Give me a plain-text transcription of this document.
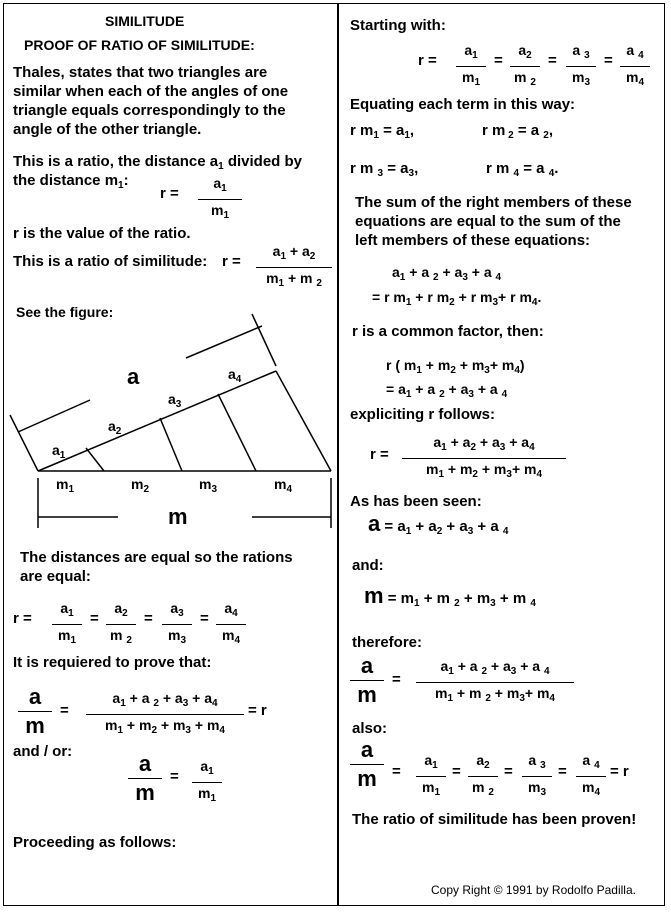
SIMILITUDE
PROOF OF RATIO OF SIMILITUDE:
Thales, states that two triangles are
similar when each of the angles of one
triangle equals correspondingly to the
angle of the other triangle.
This is a ratio, the distance $a_1$ divided by
the distance $m_1$:
r =
$a_1$
$m_1$
r is the value of the ratio.
This is a ratio of similitude: r =
$a_1 + a_2$
$m_1 + m$ $_2$
See the figure:
a
$a_1$
$a_2$
$a_3$
$a_4$
$m_1$	$m_2$	$m_3$	$m_4$
m
The distances are equal so the rations
are equal:
r =
$a_1$
$m_1$
=
$a_2$
m $_2$
=
$a_3$
$m_3$
=
$a_4$
$m_4$
It is requiered to prove that:
a
m
=
$a_1 + a$ $_2 + a_3 + a_4$
$m_1 + m_2 + m_3 + m_4$
= r
and / or:	a
m
=
$a_1$
$m_1$
Proceeding as follows:
Starting with:
r =
$a_1$
$m_1$
=
$a_2$
m $_2$
=
a $_3$
$m_3$
=
a $_4$
$m_4$
Equating each term in this way:
r $m_1 = a_1$,	r m $_2$ = a $_2$,
r m $_3 = a_3$,	r m $_4$ = a $_4$.
The sum of the right members of these
equations are equal to the sum of the
left members of these equations:
$a_1 + a$ $_2 + a_3 + a$ $_4$
= r $m_1 + r$ $m_2 + r$ $m_3+ r$ $m_4$.
r is a common factor, then:
r ( $m_1 + m_2 + m_3+ m_4$)
= $a_1 + a$ $_2 + a_3 + a$ $_4$
expliciting r follows:
r =
$a_1 + a_2 + a_3 + a_4$
$m_1 + m_2 + m_3+ m_4$
As has been seen:
$a = a_1 + a_2 + a_3 + a$ $_4$
and:
$m = m_1 + m$ $_2 + m_3 + m$ $_4$
therefore:
a
m
=
$a_1 + a$ $_2 + a_3 + a$ $_4$
$m_1 + m$ $_2 + m_3+ m_4$
also:
a
m	=
$a_1$
$m_1$
=
$a_2$
m $_2$
=
a $_3$
$m_3$
=
a $_4$
$m_4$
= r
The ratio of similitude has been proven!
Copy Right © 1991 by Rodolfo Padilla.
